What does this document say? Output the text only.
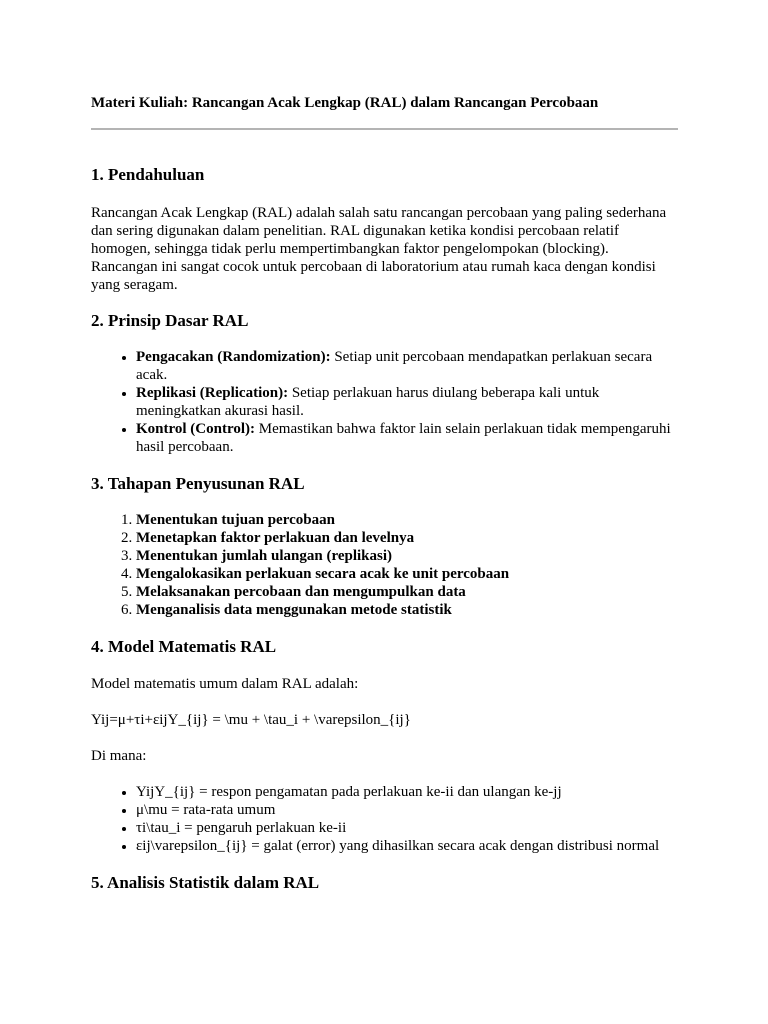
Materi Kuliah: Rancangan Acak Lengkap (RAL) dalam Rancangan Percobaan
1. Pendahuluan

Rancangan Acak Lengkap (RAL) adalah salah satu rancangan percobaan yang paling sederhana dan sering digunakan dalam penelitian. RAL digunakan ketika kondisi percobaan relatif homogen, sehingga tidak perlu mempertimbangkan faktor pengelompokan (blocking). Rancangan ini sangat cocok untuk percobaan di laboratorium atau rumah kaca dengan kondisi yang seragam.

2. Prinsip Dasar RAL
• Pengacakan (Randomization): Setiap unit percobaan mendapatkan perlakuan secara acak.
• Replikasi (Replication): Setiap perlakuan harus diulang beberapa kali untuk meningkatkan akurasi hasil.
• Kontrol (Control): Memastikan bahwa faktor lain selain perlakuan tidak mempengaruhi hasil percobaan.
3. Tahapan Penyusunan RAL
1. Menentukan tujuan percobaan
2. Menetapkan faktor perlakuan dan levelnya
3. Menentukan jumlah ulangan (replikasi)
4. Mengalokasikan perlakuan secara acak ke unit percobaan
5. Melaksanakan percobaan dan mengumpulkan data
6. Menganalisis data menggunakan metode statistik
4. Model Matematis RAL

Model matematis umum dalam RAL adalah:

Yij=μ+τi+εijY_{ij} = \mu + \tau_i + \varepsilon_{ij}

Di mana:

• YijY_{ij} = respon pengamatan pada perlakuan ke-ii dan ulangan ke-jj
• μ\mu = rata-rata umum
• τi\tau_i = pengaruh perlakuan ke-ii
• εij\varepsilon_{ij} = galat (error) yang dihasilkan secara acak dengan distribusi normal
5. Analisis Statistik dalam RAL
